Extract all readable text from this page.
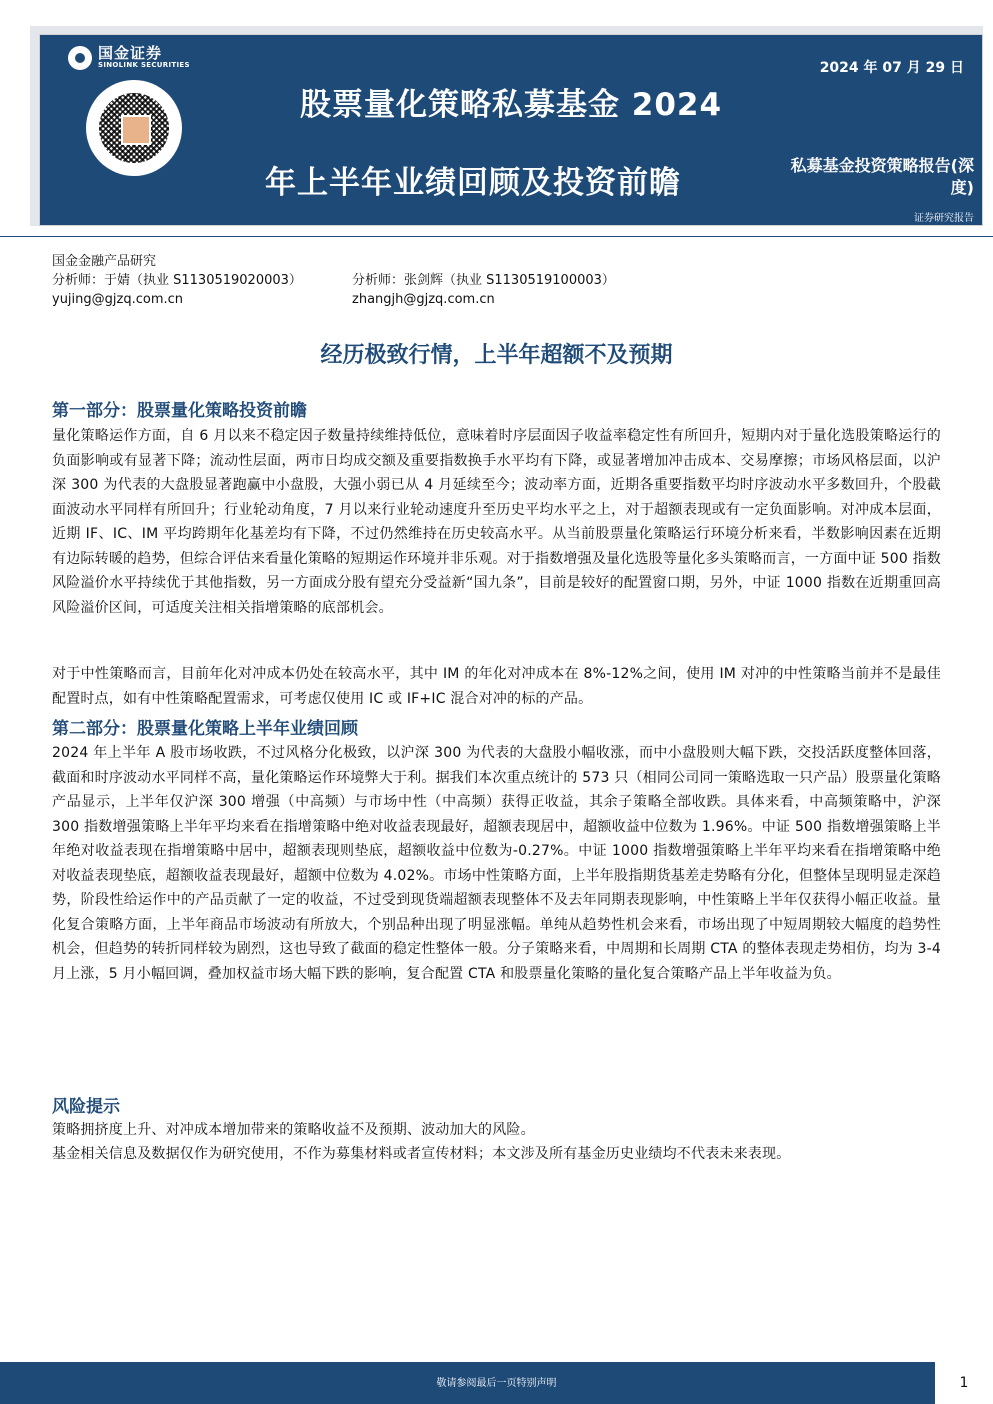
国金证券
SINOLINK SECURITIES
股票量化策略私募基金 2024
年上半年业绩回顾及投资前瞻
2024 年 07 月 29 日
私募基金投资策略报告(深度)
证券研究报告
国金金融产品研究
分析师：于婧（执业 S1130519020003）	分析师：张剑辉（执业 S1130519100003）
yujing@gjzq.com.cn	zhangjh@gjzq.com.cn
经历极致行情，上半年超额不及预期
第一部分：股票量化策略投资前瞻

量化策略运作方面，自 6 月以来不稳定因子数量持续维持低位，意味着时序层面因子收益率稳定性有所回升，短期内对于量化选股策略运行的负面影响或有显著下降；流动性层面，两市日均成交额及重要指数换手水平均有下降，或显著增加冲击成本、交易摩擦；市场风格层面，以沪深 300 为代表的大盘股显著跑赢中小盘股，大强小弱已从 4 月延续至今；波动率方面，近期各重要指数平均时序波动水平多数回升，个股截面波动水平同样有所回升；行业轮动角度，7 月以来行业轮动速度升至历史平均水平之上，对于超额表现或有一定负面影响。对冲成本层面，近期 IF、IC、IM 平均跨期年化基差均有下降，不过仍然维持在历史较高水平。从当前股票量化策略运行环境分析来看，半数影响因素在近期有边际转暖的趋势，但综合评估来看量化策略的短期运作环境并非乐观。对于指数增强及量化选股等量化多头策略而言，一方面中证 500 指数风险溢价水平持续优于其他指数，另一方面成分股有望充分受益新“国九条”，目前是较好的配置窗口期，另外，中证 1000 指数在近期重回高风险溢价区间，可适度关注相关指增策略的底部机会。

对于中性策略而言，目前年化对冲成本仍处在较高水平，其中 IM 的年化对冲成本在 8%-12%之间，使用 IM 对冲的中性策略当前并不是最佳配置时点，如有中性策略配置需求，可考虑仅使用 IC 或 IF+IC 混合对冲的标的产品。

第二部分：股票量化策略上半年业绩回顾

2024 年上半年 A 股市场收跌，不过风格分化极致，以沪深 300 为代表的大盘股小幅收涨，而中小盘股则大幅下跌，交投活跃度整体回落，截面和时序波动水平同样不高，量化策略运作环境弊大于利。据我们本次重点统计的 573 只（相同公司同一策略选取一只产品）股票量化策略产品显示，上半年仅沪深 300 增强（中高频）与市场中性（中高频）获得正收益，其余子策略全部收跌。具体来看，中高频策略中，沪深 300 指数增强策略上半年平均来看在指增策略中绝对收益表现最好，超额表现居中，超额收益中位数为 1.96%。中证 500 指数增强策略上半年绝对收益表现在指增策略中居中，超额表现则垫底，超额收益中位数为-0.27%。中证 1000 指数增强策略上半年平均来看在指增策略中绝对收益表现垫底，超额收益表现最好，超额中位数为 4.02%。市场中性策略方面，上半年股指期货基差走势略有分化，但整体呈现明显走深趋势，阶段性给运作中的产品贡献了一定的收益，不过受到现货端超额表现整体不及去年同期表现影响，中性策略上半年仅获得小幅正收益。量化复合策略方面，上半年商品市场波动有所放大，个别品种出现了明显涨幅。单纯从趋势性机会来看，市场出现了中短周期较大幅度的趋势性机会，但趋势的转折同样较为剧烈，这也导致了截面的稳定性整体一般。分子策略来看，中周期和长周期 CTA 的整体表现走势相仿，均为 3-4 月上涨，5 月小幅回调，叠加权益市场大幅下跌的影响，复合配置 CTA 和股票量化策略的量化复合策略产品上半年收益为负。

风险提示

策略拥挤度上升、对冲成本增加带来的策略收益不及预期、波动加大的风险。

基金相关信息及数据仅作为研究使用，不作为募集材料或者宣传材料；本文涉及所有基金历史业绩均不代表未来表现。

敬请参阅最后一页特别声明	1
